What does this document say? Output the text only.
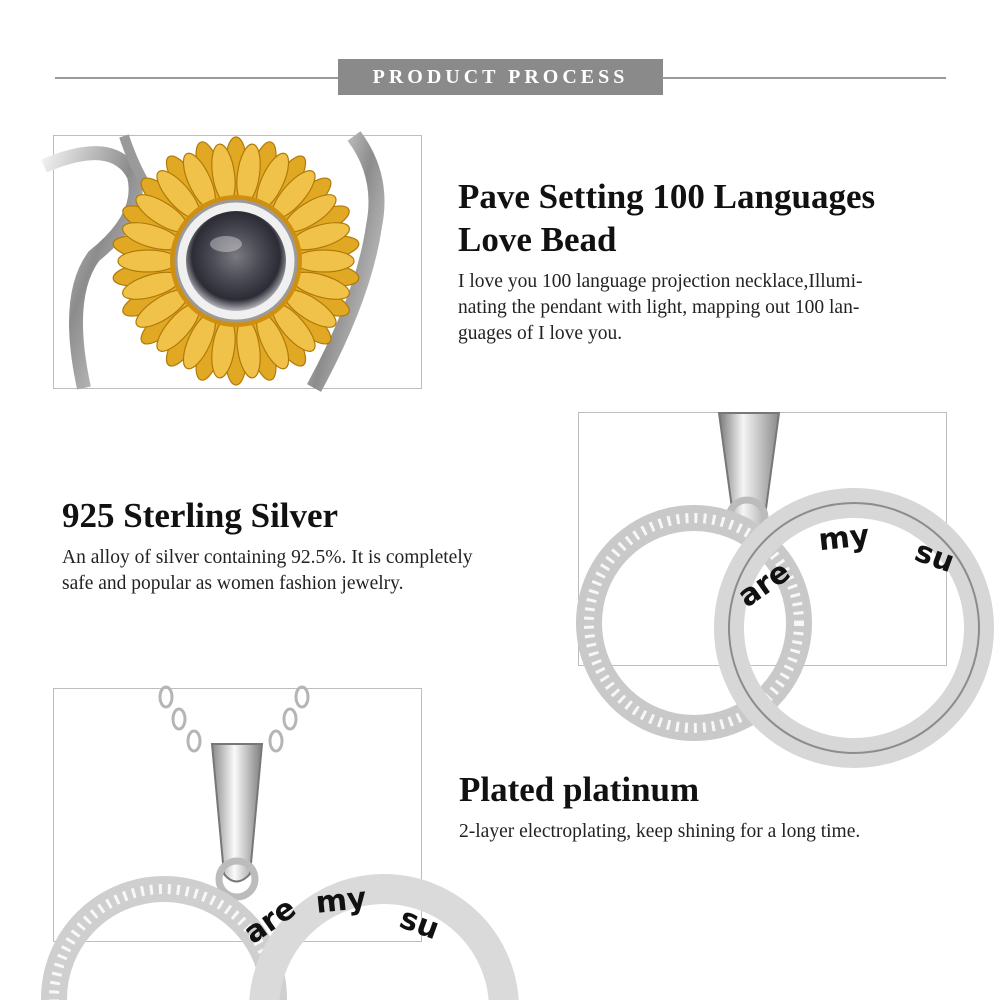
PRODUCT PROCESS
Pave Setting 100 Languages
Love Bead

I love you 100 language projection necklace,Illumi-
nating the pendant with light, mapping out 100 lan-
guages of I love you.

925 Sterling Silver

An alloy of silver containing 92.5%. It is completely
safe and popular as women fashion jewelry.	are
my su
are my
su
Plated platinum

2-layer electroplating, keep shining for a long time.
